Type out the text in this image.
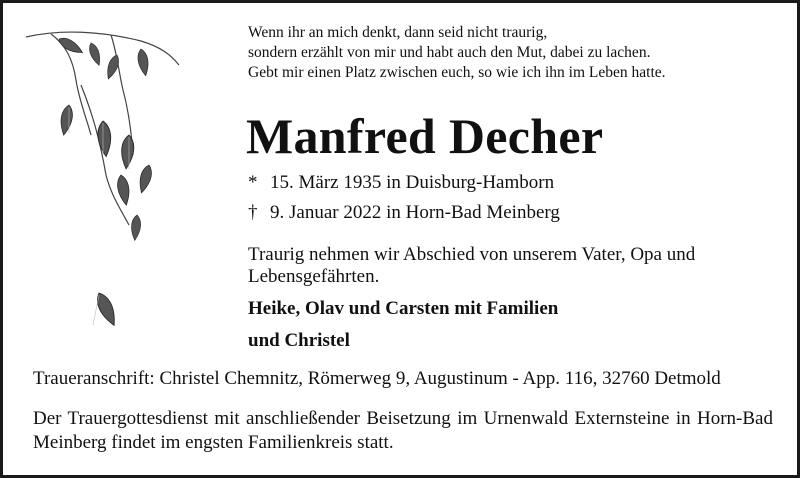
Wenn ihr an mich denkt, dann seid nicht traurig,
sondern erzählt von mir und habt auch den Mut, dabei zu lachen.
Gebt mir einen Platz zwischen euch, so wie ich ihn im Leben hatte.
Manfred Decher
* 15. März 1935 in Duisburg-Hamborn
† 9. Januar 2022 in Horn-Bad Meinberg
Traurig nehmen wir Abschied von unserem Vater, Opa und Lebensgefährten.
Heike, Olav und Carsten mit Familien
und Christel
Traueranschrift: Christel Chemnitz, Römerweg 9, Augustinum - App. 116, 32760 Detmold
Der Trauergottesdienst mit anschließender Beisetzung im Urnenwald Externsteine in Horn-Bad Meinberg findet im engsten Familienkreis statt.
